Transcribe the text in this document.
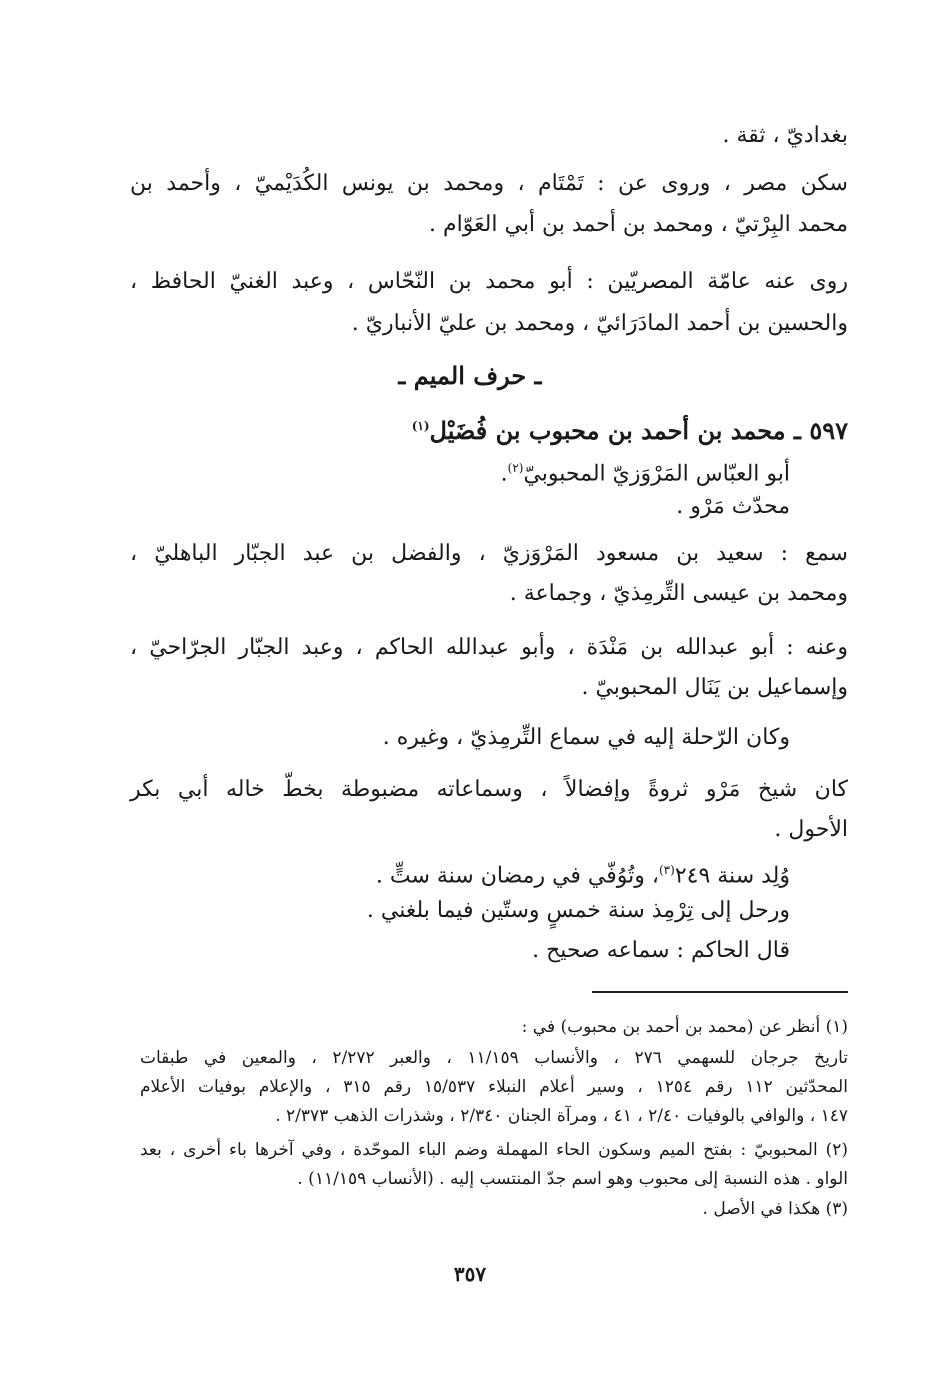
بغداديّ ، ثقة .
سكن مصر ، وروى عن : تَمْتَام ، ومحمد بن يونس الكُدَيْميّ ، وأحمد بن
محمد البِرْتيّ ، ومحمد بن أحمد بن أبي العَوّام .
روى عنه عامّة المصريّين : أبو محمد بن النّحّاس ، وعبد الغنيّ الحافظ ،
والحسين بن أحمد المادَرَائيّ ، ومحمد بن عليّ الأنباريّ .
ـ حرف الميم ـ
٥٩٧ ـ محمد بن أحمد بن محبوب بن فُضَيْل$^{(١)}$
أبو العبّاس المَرْوَزيّ المحبوبيّ$^{(٢)}$.
محدّث مَرْو .
سمع : سعيد بن مسعود المَرْوَزيّ ، والفضل بن عبد الجبّار الباهليّ ،
ومحمد بن عيسى التِّرمِذيّ ، وجماعة .
وعنه : أبو عبدالله بن مَنْدَة ، وأبو عبدالله الحاكم ، وعبد الجبّار الجرّاحيّ ،
وإسماعيل بن يَنَال المحبوبيّ .
وكان الرّحلة إليه في سماع التِّرمِذيّ ، وغيره .
كان شيخ مَرْو ثروةً وإفضالاً ، وسماعاته مضبوطة بخطّ خاله أبي بكر
الأحول .
وُلِد سنة ٢٤٩$^{(٣)}$، وتُوُفّي في رمضان سنة ستٍّ .
ورحل إلى تِرْمِذ سنة خمسٍ وستّين فيما بلغني .
قال الحاكم : سماعه صحيح .
(١) أنظر عن (محمد بن أحمد بن محبوب) في :
تاريخ جرجان للسهمي ٢٧٦ ، والأنساب ١١/١٥٩ ، والعبر ٢/٢٧٢ ، والمعين في طبقات
المحدّثين ١١٢ رقم ١٢٥٤ ، وسير أعلام النبلاء ١٥/٥٣٧ رقم ٣١٥ ، والإعلام بوفيات الأعلام
١٤٧ ، والوافي بالوفيات ٢/٤٠ ، ٤١ ، ومرآة الجنان ٢/٣٤٠ ، وشذرات الذهب ٢/٣٧٣ .
(٢) المحبوبيّ : بفتح الميم وسكون الحاء المهملة وضم الباء الموحّدة ، وفي آخرها باء أخرى ، بعد
الواو . هذه النسبة إلى محبوب وهو اسم جدّ المنتسب إليه . (الأنساب ١١/١٥٩) .
(٣) هكذا في الأصل .
٣٥٧
